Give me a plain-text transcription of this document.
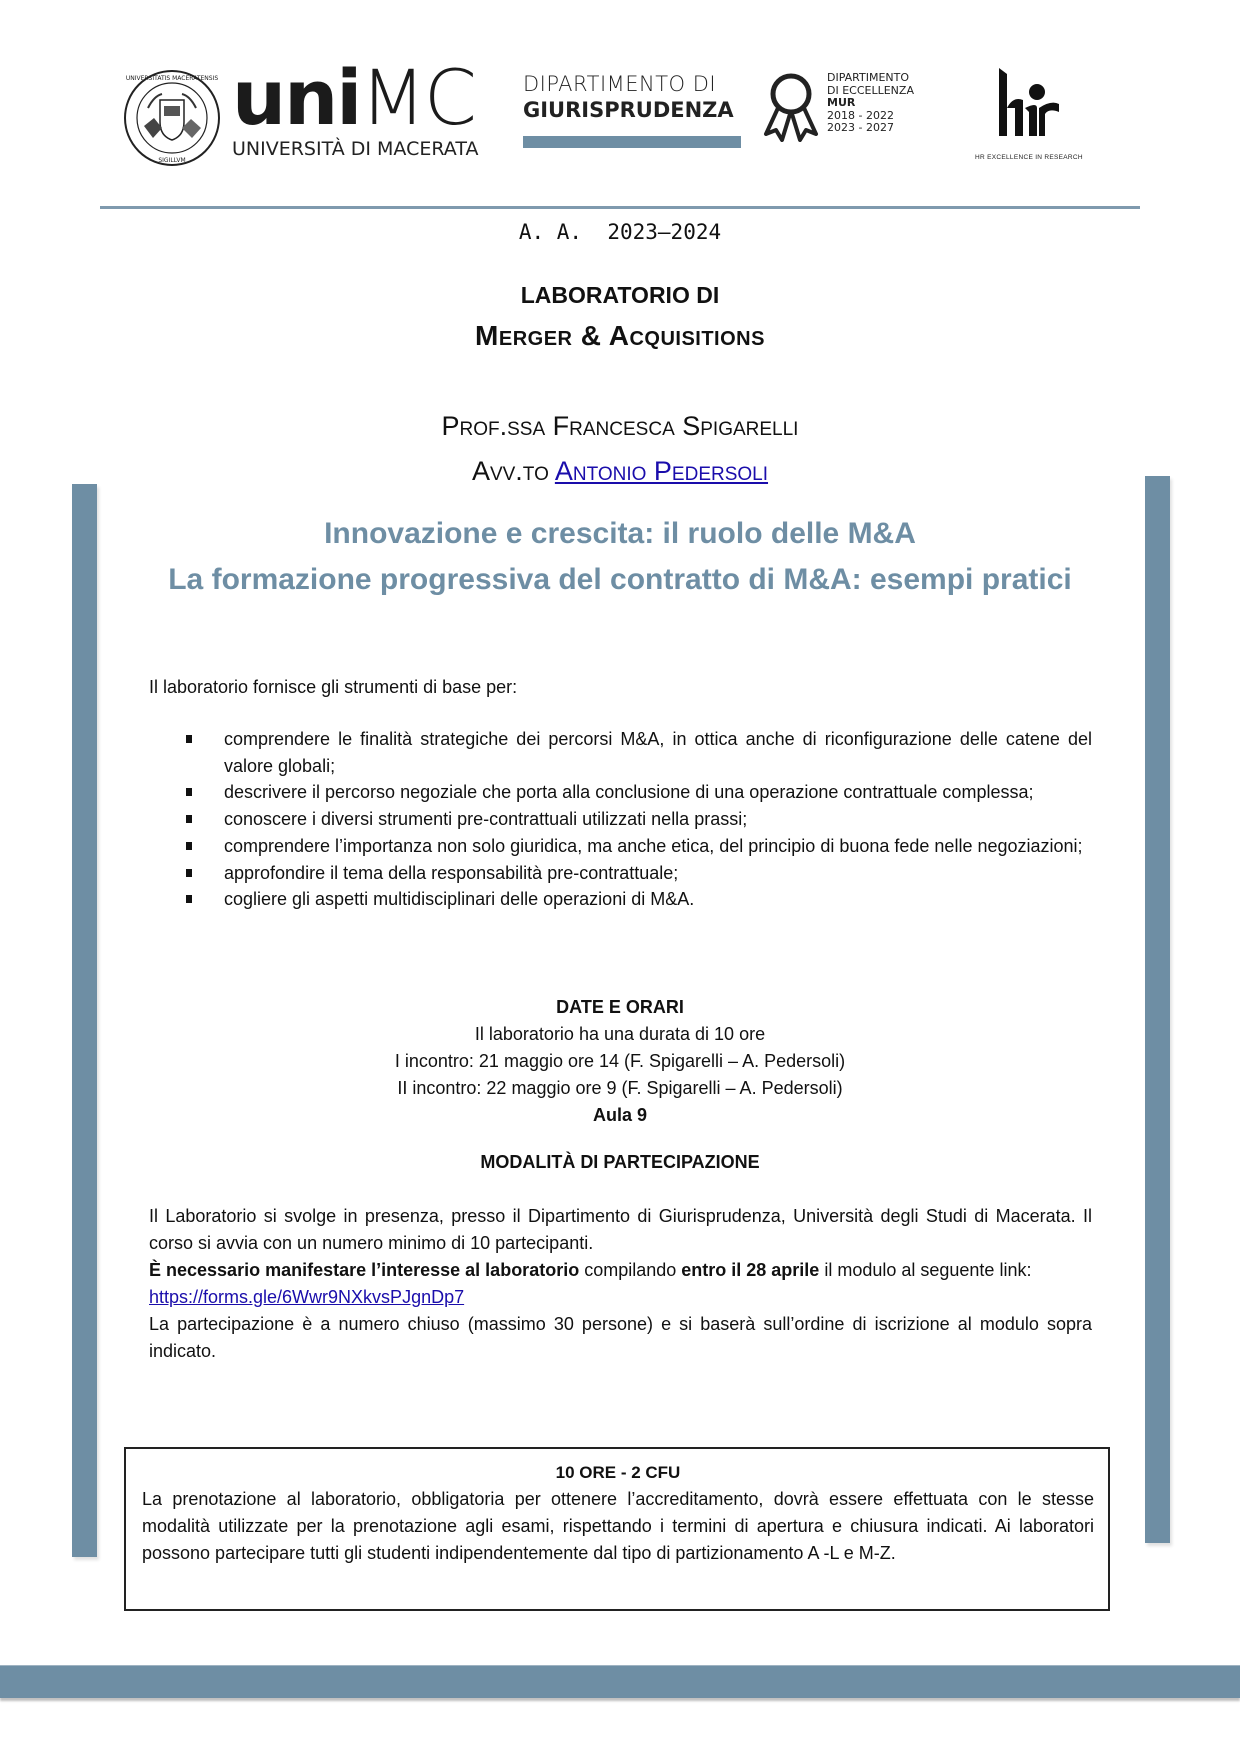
UNIVERSITATIS MACERATENSIS
SIGILLVM
uniMC
UNIVERSITÀ DI MACERATA
DIPARTIMENTO DI
GIURISPRUDENZA
DIPARTIMENTO
DI ECCELLENZA
MUR
2018 - 2022
2023 - 2027
HR EXCELLENCE IN RESEARCH
A. A.  2023–2024
LABORATORIO DI
Merger & Acquisitions
Prof.ssa Francesca Spigarelli
Avv.to Antonio Pedersoli
Innovazione e crescita: il ruolo delle M&A
La formazione progressiva del contratto di M&A: esempi pratici
Il laboratorio fornisce gli strumenti di base per:
comprendere le finalità strategiche dei percorsi M&A, in ottica anche di riconfigurazione delle catene del valore globali;
descrivere il percorso negoziale che porta alla conclusione di una operazione contrattuale complessa;
conoscere i diversi strumenti pre-contrattuali utilizzati nella prassi;
comprendere l’importanza non solo giuridica, ma anche etica, del principio di buona fede nelle negoziazioni;
approfondire il tema della responsabilità pre-contrattuale;
cogliere gli aspetti multidisciplinari delle operazioni di M&A.
DATE E ORARI
Il laboratorio ha una durata di 10 ore
I incontro: 21 maggio ore 14 (F. Spigarelli – A. Pedersoli)
II incontro: 22 maggio ore 9 (F. Spigarelli – A. Pedersoli)
Aula 9
MODALITÀ DI PARTECIPAZIONE
Il Laboratorio si svolge in presenza, presso il Dipartimento di Giurisprudenza, Università degli Studi di Macerata. Il corso si avvia con un numero minimo di 10 partecipanti.
È necessario manifestare l’interesse al laboratorio compilando entro il 28 aprile il modulo al seguente link:
https://forms.gle/6Wwr9NXkvsPJgnDp7
La partecipazione è a numero chiuso (massimo 30 persone) e si baserà sull’ordine di iscrizione al modulo sopra indicato.
10 ORE - 2 CFU
La prenotazione al laboratorio, obbligatoria per ottenere l’accreditamento, dovrà essere effettuata con le stesse modalità utilizzate per la prenotazione agli esami, rispettando i termini di apertura e chiusura indicati. Ai laboratori possono partecipare tutti gli studenti indipendentemente dal tipo di partizionamento A -L e M-Z.
